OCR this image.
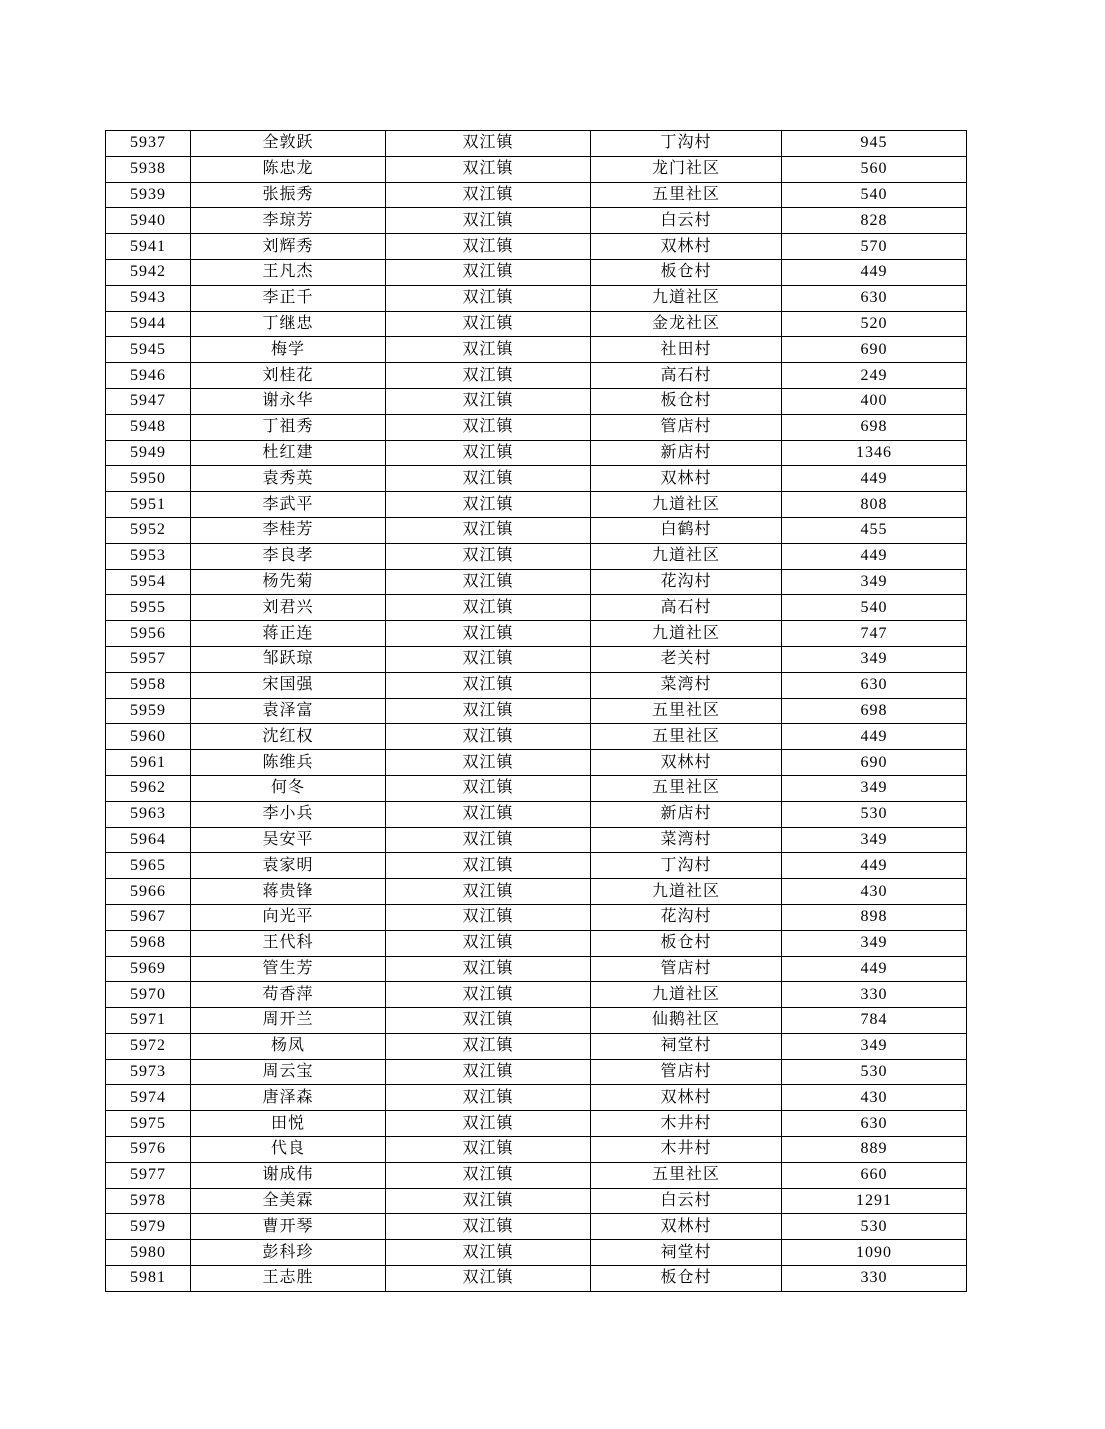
5937	全敦跃	双江镇	丁沟村	945
5938	陈忠龙	双江镇	龙门社区	560
5939	张振秀	双江镇	五里社区	540
5940	李琼芳	双江镇	白云村	828
5941	刘辉秀	双江镇	双林村	570
5942	王凡杰	双江镇	板仓村	449
5943	李正千	双江镇	九道社区	630
5944	丁继忠	双江镇	金龙社区	520
5945	梅学	双江镇	社田村	690
5946	刘桂花	双江镇	高石村	249
5947	谢永华	双江镇	板仓村	400
5948	丁祖秀	双江镇	管店村	698
5949	杜红建	双江镇	新店村	1346
5950	袁秀英	双江镇	双林村	449
5951	李武平	双江镇	九道社区	808
5952	李桂芳	双江镇	白鹤村	455
5953	李良孝	双江镇	九道社区	449
5954	杨先菊	双江镇	花沟村	349
5955	刘君兴	双江镇	高石村	540
5956	蒋正连	双江镇	九道社区	747
5957	邹跃琼	双江镇	老关村	349
5958	宋国强	双江镇	菜湾村	630
5959	袁泽富	双江镇	五里社区	698
5960	沈红权	双江镇	五里社区	449
5961	陈维兵	双江镇	双林村	690
5962	何冬	双江镇	五里社区	349
5963	李小兵	双江镇	新店村	530
5964	吴安平	双江镇	菜湾村	349
5965	袁家明	双江镇	丁沟村	449
5966	蒋贵锋	双江镇	九道社区	430
5967	向光平	双江镇	花沟村	898
5968	王代科	双江镇	板仓村	349
5969	管生芳	双江镇	管店村	449
5970	苟香萍	双江镇	九道社区	330
5971	周开兰	双江镇	仙鹅社区	784
5972	杨凤	双江镇	祠堂村	349
5973	周云宝	双江镇	管店村	530
5974	唐泽森	双江镇	双林村	430
5975	田悦	双江镇	木井村	630
5976	代良	双江镇	木井村	889
5977	谢成伟	双江镇	五里社区	660
5978	全美霖	双江镇	白云村	1291
5979	曹开琴	双江镇	双林村	530
5980	彭科珍	双江镇	祠堂村	1090
5981	王志胜	双江镇	板仓村	330
